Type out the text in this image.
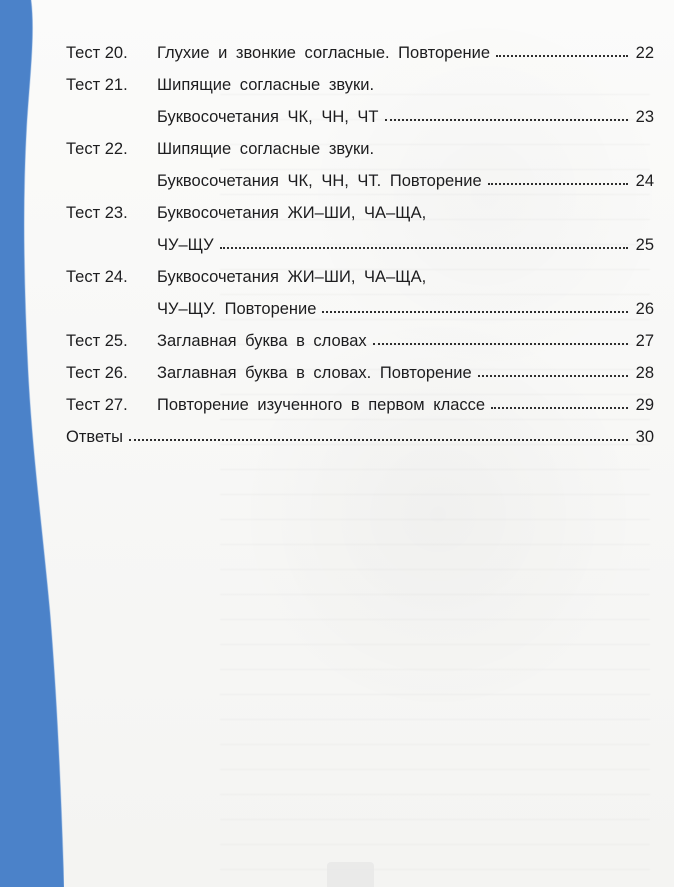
Тест 20. Глухие и звонкие согласные. Повторение	22
Тест 21. Шипящие согласные звуки.
Буквосочетания ЧК, ЧН, ЧТ	23
Тест 22. Шипящие согласные звуки.
Буквосочетания ЧК, ЧН, ЧТ. Повторение	24
Тест 23. Буквосочетания ЖИ–ШИ, ЧА–ЩА,
ЧУ–ЩУ	25
Тест 24. Буквосочетания ЖИ–ШИ, ЧА–ЩА,
ЧУ–ЩУ. Повторение	26
Тест 25. Заглавная буква в словах	27
Тест 26. Заглавная буква в словах. Повторение	28
Тест 27. Повторение изученного в первом классе	29
Ответы	30
